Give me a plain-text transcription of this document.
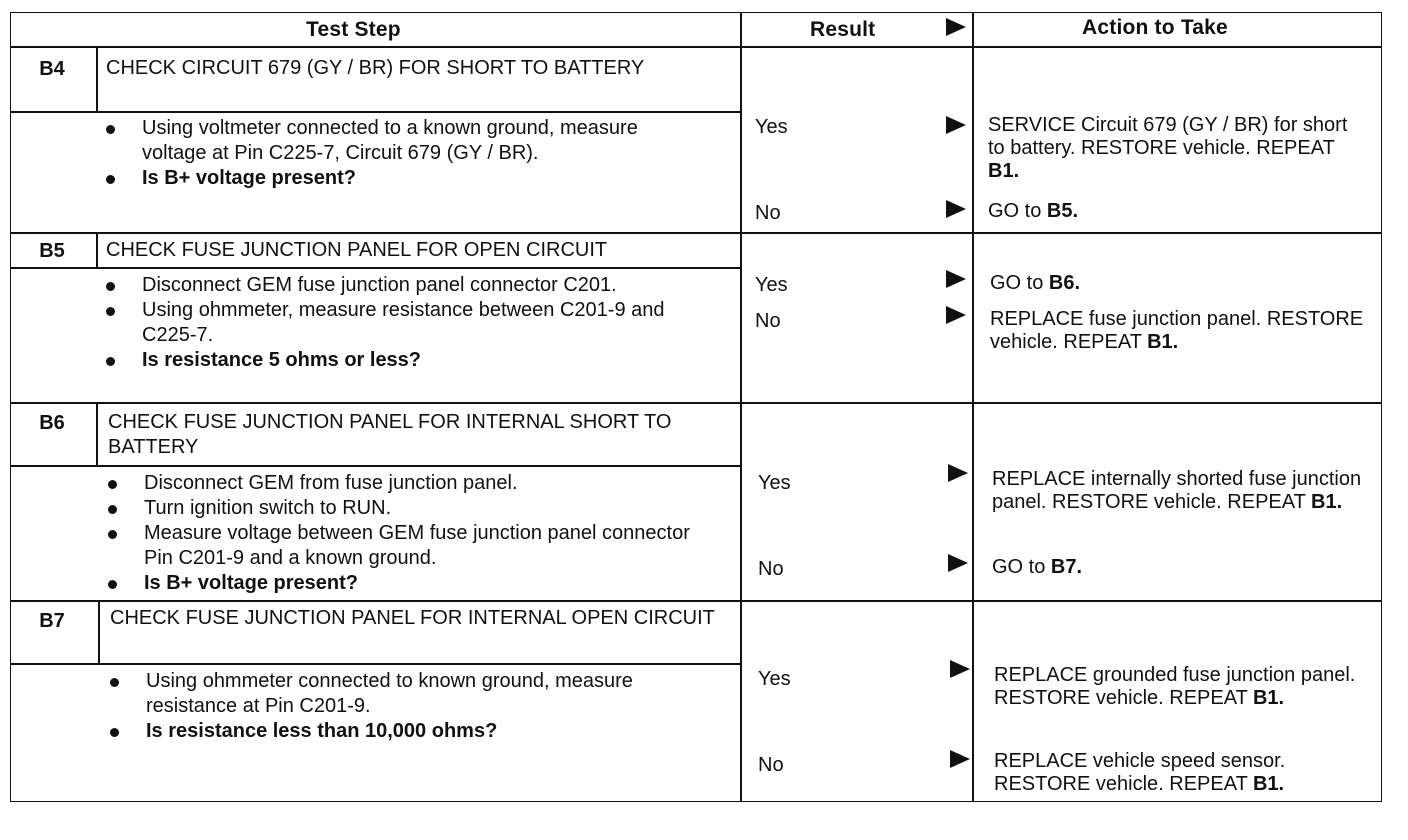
Test Step	Result	Action to Take
B4	CHECK CIRCUIT 679 (GY / BR) FOR SHORT TO BATTERY
Using voltmeter connected to a known ground, measure voltage at Pin C225-7, Circuit 679 (GY / BR).
Is B+ voltage present?
Yes	SERVICE Circuit 679 (GY / BR) for short to battery. RESTORE vehicle. REPEAT B1.
No	GO to B5.
B5	CHECK FUSE JUNCTION PANEL FOR OPEN CIRCUIT
Disconnect GEM fuse junction panel connector C201.
Using ohmmeter, measure resistance between C201-9 and C225-7.
Is resistance 5 ohms or less?
Yes	GO to B6.
No	REPLACE fuse junction panel. RESTORE vehicle. REPEAT B1.
B6	CHECK FUSE JUNCTION PANEL FOR INTERNAL SHORT TO BATTERY
Disconnect GEM from fuse junction panel.
Turn ignition switch to RUN.
Measure voltage between GEM fuse junction panel connector Pin C201-9 and a known ground.
Is B+ voltage present?
Yes	REPLACE internally shorted fuse junction panel. RESTORE vehicle. REPEAT B1.
No	GO to B7.
B7	CHECK FUSE JUNCTION PANEL FOR INTERNAL OPEN CIRCUIT
Using ohmmeter connected to known ground, measure resistance at Pin C201-9.
Is resistance less than 10,000 ohms?
Yes	REPLACE grounded fuse junction panel. RESTORE vehicle. REPEAT B1.
No	REPLACE vehicle speed sensor. RESTORE vehicle. REPEAT B1.
